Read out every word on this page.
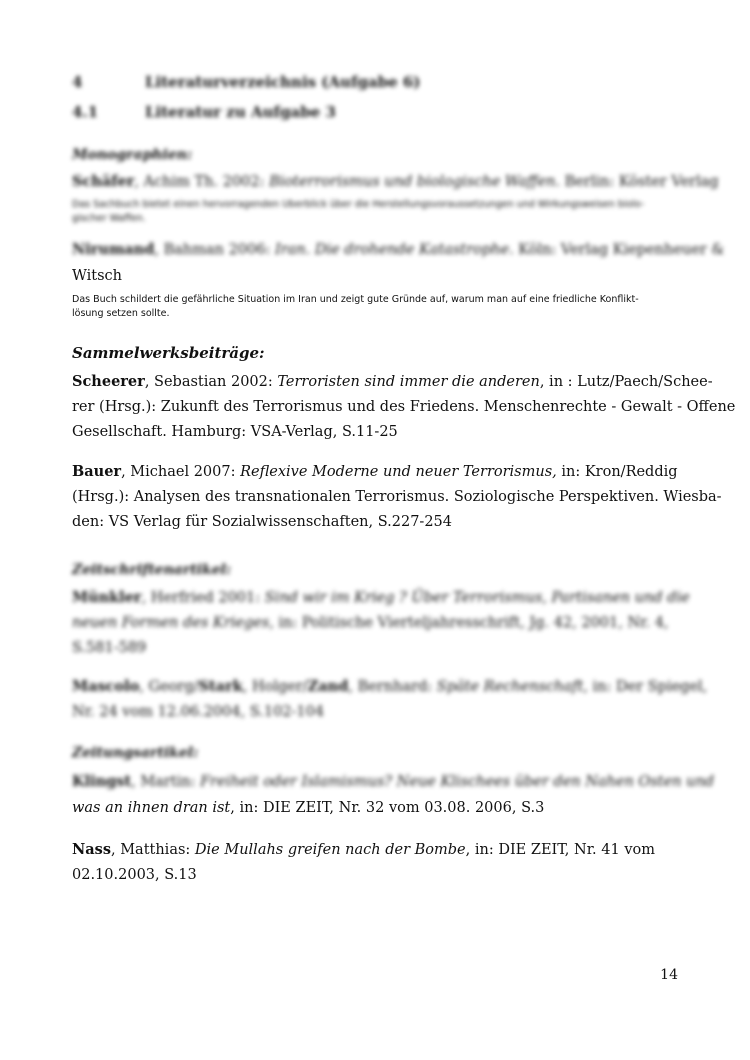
4	Literaturverzeichnis (Aufgabe 6)
4.1	Literatur zu Aufgabe 3
Monographien:
Schäfer, Achim Th. 2002: Bioterrorismus und biologische Waffen. Berlin: Köster Verlag
Das Sachbuch bietet einen hervorragenden Überblick über die Herstellungsvoraussetzungen und Wirkungsweisen biolo-
gischer Waffen.
Nirumand, Bahman 2006: Iran. Die drohende Katastrophe. Köln: Verlag Kiepenheuer &
Witsch
Das Buch schildert die gefährliche Situation im Iran und zeigt gute Gründe auf, warum man auf eine friedliche Konflikt-
lösung setzen sollte.
Sammelwerksbeiträge:
Scheerer, Sebastian 2002: Terroristen sind immer die anderen, in : Lutz/Paech/Schee-
rer (Hrsg.): Zukunft des Terrorismus und des Friedens. Menschenrechte - Gewalt - Offene
Gesellschaft. Hamburg: VSA-Verlag, S.11-25
Bauer, Michael 2007: Reflexive Moderne und neuer Terrorismus, in: Kron/Reddig
(Hrsg.): Analysen des transnationalen Terrorismus. Soziologische Perspektiven. Wiesba-
den: VS Verlag für Sozialwissenschaften, S.227-254
Zeitschriftenartikel:
Münkler, Herfried 2001: Sind wir im Krieg ? Über Terrorismus, Partisanen und die
neuen Formen des Krieges, in: Politische Vierteljahresschrift, Jg. 42, 2001, Nr. 4,
S.581-589
Mascolo, Georg/Stark, Holger/Zand, Bernhard: Späte Rechenschaft, in: Der Spiegel,
Nr. 24 vom 12.06.2004, S.102-104
Zeitungsartikel:
Klingst, Martin: Freiheit oder Islamismus? Neue Klischees über den Nahen Osten und
was an ihnen dran ist, in: DIE ZEIT, Nr. 32 vom 03.08. 2006, S.3
Nass, Matthias: Die Mullahs greifen nach der Bombe, in: DIE ZEIT, Nr. 41 vom
02.10.2003, S.13
14
